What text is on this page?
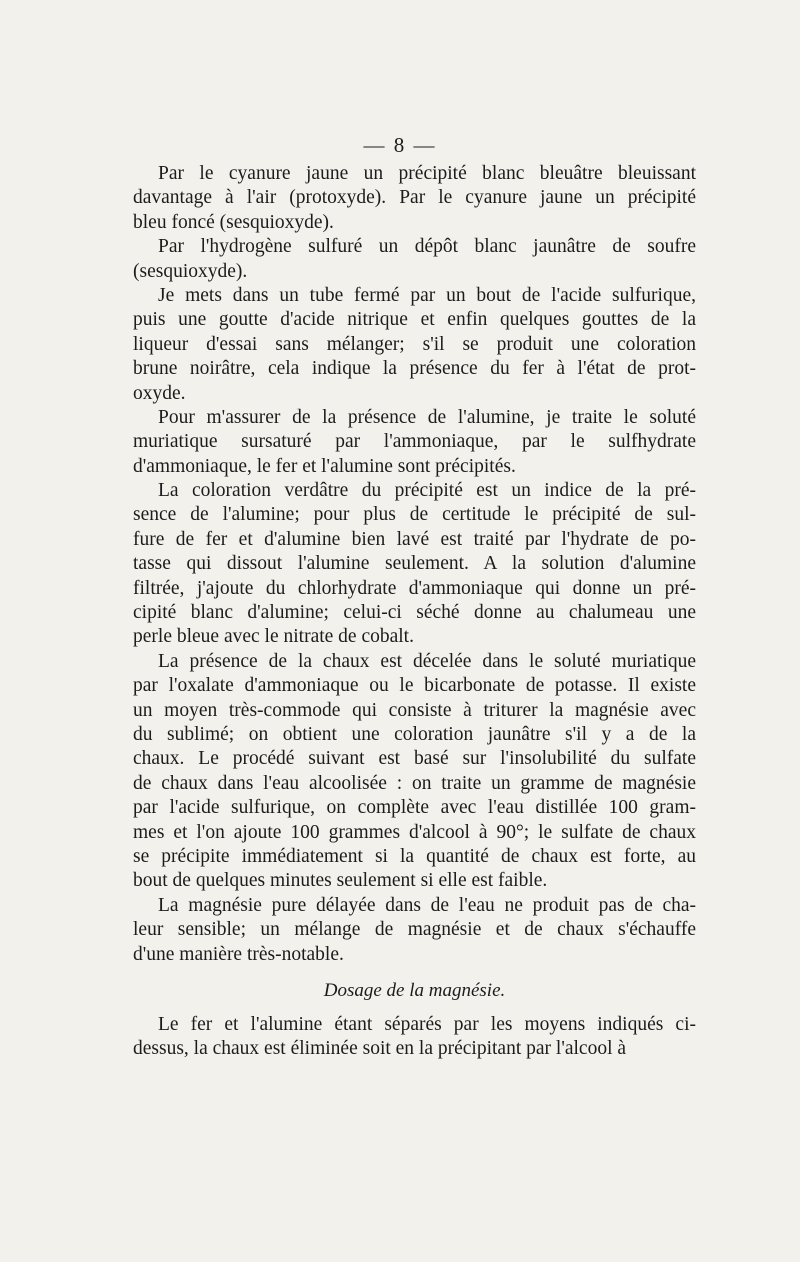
— 8 —
Par le cyanure jaune un précipité blanc bleuâtre bleuissant
davantage à l'air (protoxyde). Par le cyanure jaune un précipité
bleu foncé (sesquioxyde).
Par l'hydrogène sulfuré un dépôt blanc jaunâtre de soufre
(sesquioxyde).
Je mets dans un tube fermé par un bout de l'acide sulfurique,
puis une goutte d'acide nitrique et enfin quelques gouttes de la
liqueur d'essai sans mélanger; s'il se produit une coloration
brune noirâtre, cela indique la présence du fer à l'état de prot-
oxyde.
Pour m'assurer de la présence de l'alumine, je traite le soluté
muriatique sursaturé par l'ammoniaque, par le sulfhydrate
d'ammoniaque, le fer et l'alumine sont précipités.
La coloration verdâtre du précipité est un indice de la pré-
sence de l'alumine; pour plus de certitude le précipité de sul-
fure de fer et d'alumine bien lavé est traité par l'hydrate de po-
tasse qui dissout l'alumine seulement. A la solution d'alumine
filtrée, j'ajoute du chlorhydrate d'ammoniaque qui donne un pré-
cipité blanc d'alumine; celui-ci séché donne au chalumeau une
perle bleue avec le nitrate de cobalt.
La présence de la chaux est décelée dans le soluté muriatique
par l'oxalate d'ammoniaque ou le bicarbonate de potasse. Il existe
un moyen très-commode qui consiste à triturer la magnésie avec
du sublimé; on obtient une coloration jaunâtre s'il y a de la
chaux. Le procédé suivant est basé sur l'insolubilité du sulfate
de chaux dans l'eau alcoolisée : on traite un gramme de magnésie
par l'acide sulfurique, on complète avec l'eau distillée 100 gram-
mes et l'on ajoute 100 grammes d'alcool à 90°; le sulfate de chaux
se précipite immédiatement si la quantité de chaux est forte, au
bout de quelques minutes seulement si elle est faible.
La magnésie pure délayée dans de l'eau ne produit pas de cha-
leur sensible; un mélange de magnésie et de chaux s'échauffe
d'une manière très-notable.
Dosage de la magnésie.
Le fer et l'alumine étant séparés par les moyens indiqués ci-
dessus, la chaux est éliminée soit en la précipitant par l'alcool à
